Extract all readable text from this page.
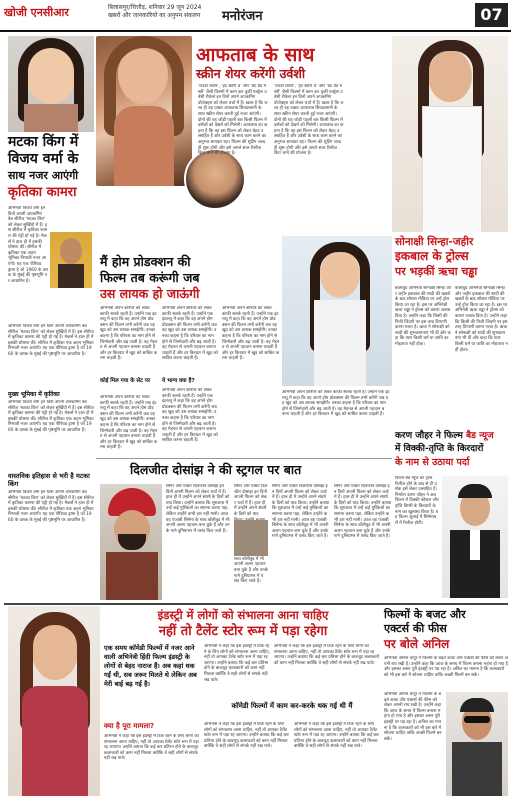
खोजी एनसीआर	बिलासपुर/चित्तौड़, शनिवार 29 जून 2024
खबरों और जानकारियों का अनुपम संकलन	मनोरंजन	07
आफताब के साथ
स्क्रीन शेयर करेंगी उर्वशी
'राउडी राठौर', 'हेट स्टोरी 4' और 'ग्रेट ग्रैंड मस्ती' जैसी फिल्मों में काम कर चुकीं एक्ट्रेस उर्वशी रौतेला इन दिनों अपने अपकमिंग प्रोजेक्ट्स को लेकर चर्चा में हैं। खबर है कि जल्द ही वह एक्टर आफताब शिवदासानी के साथ स्क्रीन शेयर करती हुई नजर आएंगी। दोनों की यह जोड़ी पहली बार किसी फिल्म में दर्शकों को देखने को मिलेगी। आफताब का कहना है कि वह इस फिल्म को लेकर बेहद उत्साहित हैं और उर्वशी के साथ काम करने का अनुभव शानदार रहा। फिल्म की शूटिंग जल्द ही शुरू होगी और इसे अगले साल रिलीज किए जाने की योजना है।
'राउडी राठौर', 'हेट स्टोरी 4' और 'ग्रेट ग्रैंड मस्ती' जैसी फिल्मों में काम कर चुकीं एक्ट्रेस उर्वशी रौतेला इन दिनों अपने अपकमिंग प्रोजेक्ट्स को लेकर चर्चा में हैं। खबर है कि जल्द ही वह एक्टर आफताब शिवदासानी के साथ स्क्रीन शेयर करती हुई नजर आएंगी। दोनों की यह जोड़ी पहली बार किसी फिल्म में दर्शकों को देखने को मिलेगी। आफताब का कहना है कि वह इस फिल्म को लेकर बेहद उत्साहित हैं और उर्वशी के साथ काम करने का अनुभव शानदार रहा। फिल्म की शूटिंग जल्द ही शुरू होगी और इसे अगले साल रिलीज किए जाने की योजना है।
मटका किंग में
विजय वर्मा के
साथ नजर आएंगी
कृतिका कामरा
अभिनेता विजय वर्मा इन दिनों अपनी अपकमिंग वेब सीरीज 'मटका किंग' को लेकर सुर्खियों में हैं। इस सीरीज में कृतिका कामरा की एंट्री हो गई है। मेकर्स ने हाल ही में इसकी घोषणा की। सीरीज में कृतिका एक अहम भूमिका निभाती नजर आएंगी। यह एक पीरियड ड्रामा है जो 1960 के दशक के मुंबई की पृष्ठभूमि पर आधारित है।
अभिनेता विजय वर्मा इन दिनों अपनी अपकमिंग वेब सीरीज 'मटका किंग' को लेकर सुर्खियों में हैं। इस सीरीज में कृतिका कामरा की एंट्री हो गई है। मेकर्स ने हाल ही में इसकी घोषणा की। सीरीज में कृतिका एक अहम भूमिका निभाती नजर आएंगी। यह एक पीरियड ड्रामा है जो 1960 के दशक के मुंबई की पृष्ठभूमि पर आधारित है।
मुख्य भूमिका में कृतिका
अभिनेता विजय वर्मा इन दिनों अपनी अपकमिंग वेब सीरीज 'मटका किंग' को लेकर सुर्खियों में हैं। इस सीरीज में कृतिका कामरा की एंट्री हो गई है। मेकर्स ने हाल ही में इसकी घोषणा की। सीरीज में कृतिका एक अहम भूमिका निभाती नजर आएंगी। यह एक पीरियड ड्रामा है जो 1960 के दशक के मुंबई की पृष्ठभूमि पर आधारित है।
वास्तविक इतिहास से भरी है मटका किंग
अभिनेता विजय वर्मा इन दिनों अपनी अपकमिंग वेब सीरीज 'मटका किंग' को लेकर सुर्खियों में हैं। इस सीरीज में कृतिका कामरा की एंट्री हो गई है। मेकर्स ने हाल ही में इसकी घोषणा की। सीरीज में कृतिका एक अहम भूमिका निभाती नजर आएंगी। यह एक पीरियड ड्रामा है जो 1960 के दशक के मुंबई की पृष्ठभूमि पर आधारित है।
सोनाक्षी सिन्हा-जहीर
इकबाल के ट्रोल्स
पर भड़कीं ऋचा चड्ढा
बॉलीवुड अभिनेत्री सोनाक्षी सिन्हा और जहीर इकबाल की शादी की खबरों के बाद सोशल मीडिया पर उन्हें ट्रोल किया जा रहा है। इस पर अभिनेत्री ऋचा चड्ढा ने ट्रोल्स को करारा जवाब दिया है। उन्होंने कहा कि किसी की निजी जिंदगी पर इस तरह टिप्पणी करना गलत है। ऋचा ने सोनाक्षी को शादी की शुभकामनाएं भी दीं और कहा कि प्यार किसी धर्म या जाति का मोहताज नहीं होता।
बॉलीवुड अभिनेत्री सोनाक्षी सिन्हा और जहीर इकबाल की शादी की खबरों के बाद सोशल मीडिया पर उन्हें ट्रोल किया जा रहा है। इस पर अभिनेत्री ऋचा चड्ढा ने ट्रोल्स को करारा जवाब दिया है। उन्होंने कहा कि किसी की निजी जिंदगी पर इस तरह टिप्पणी करना गलत है। ऋचा ने सोनाक्षी को शादी की शुभकामनाएं भी दीं और कहा कि प्यार किसी धर्म या जाति का मोहताज नहीं होता।
मैं होम प्रोडक्शन की
फिल्म तब करूंगी जब
उस लायक हो जाऊंगी
अभिनेत्री अपने करियर को लेकर काफी सतर्क रहती हैं। उन्होंने एक इंटरव्यू में कहा कि वह अपने होम प्रोडक्शन की फिल्म तभी करेंगी जब वह खुद को उस लायक समझेंगी। उनका कहना है कि परिवार का नाम होने से जिम्मेदारी और बढ़ जाती है। वह मेहनत से अपनी पहचान बनाना चाहती हैं और हर किरदार में खुद को साबित करना चाहती हैं।
कोई मिल गया के सेट पर
अभिनेत्री अपने करियर को लेकर काफी सतर्क रहती हैं। उन्होंने एक इंटरव्यू में कहा कि वह अपने होम प्रोडक्शन की फिल्म तभी करेंगी जब वह खुद को उस लायक समझेंगी। उनका कहना है कि परिवार का नाम होने से जिम्मेदारी और बढ़ जाती है। वह मेहनत से अपनी पहचान बनाना चाहती हैं और हर किरदार में खुद को साबित करना चाहती हैं।
अभिनेत्री अपने करियर को लेकर काफी सतर्क रहती हैं। उन्होंने एक इंटरव्यू में कहा कि वह अपने होम प्रोडक्शन की फिल्म तभी करेंगी जब वह खुद को उस लायक समझेंगी। उनका कहना है कि परिवार का नाम होने से जिम्मेदारी और बढ़ जाती है। वह मेहनत से अपनी पहचान बनाना चाहती हैं और हर किरदार में खुद को साबित करना चाहती हैं।
ये भाग्य क्या है?
अभिनेत्री अपने करियर को लेकर काफी सतर्क रहती हैं। उन्होंने एक इंटरव्यू में कहा कि वह अपने होम प्रोडक्शन की फिल्म तभी करेंगी जब वह खुद को उस लायक समझेंगी। उनका कहना है कि परिवार का नाम होने से जिम्मेदारी और बढ़ जाती है। वह मेहनत से अपनी पहचान बनाना चाहती हैं और हर किरदार में खुद को साबित करना चाहती हैं।
अभिनेत्री अपने करियर को लेकर काफी सतर्क रहती हैं। उन्होंने एक इंटरव्यू में कहा कि वह अपने होम प्रोडक्शन की फिल्म तभी करेंगी जब वह खुद को उस लायक समझेंगी। उनका कहना है कि परिवार का नाम होने से जिम्मेदारी और बढ़ जाती है। वह मेहनत से अपनी पहचान बनाना चाहती हैं और हर किरदार में खुद को साबित करना चाहती हैं।
अभिनेत्री अपने करियर को लेकर काफी सतर्क रहती हैं। उन्होंने एक इंटरव्यू में कहा कि वह अपने होम प्रोडक्शन की फिल्म तभी करेंगी जब वह खुद को उस लायक समझेंगी। उनका कहना है कि परिवार का नाम होने से जिम्मेदारी और बढ़ जाती है। वह मेहनत से अपनी पहचान बनाना चाहती हैं और हर किरदार में खुद को साबित करना चाहती हैं।
दिलजीत दोसांझ ने की स्ट्रगल पर बात
सिंगर और एक्टर दिलजीत दोसांझ इन दिनों अपनी फिल्म को लेकर चर्चा में हैं। हाल ही में उन्होंने अपने संघर्ष के दिनों को याद किया। उन्होंने बताया कि शुरुआत में उन्हें कई मुश्किलों का सामना करना पड़ा, लेकिन उन्होंने कभी हार नहीं मानी। आज वह पंजाबी सिनेमा के साथ बॉलीवुड में भी अपनी अलग पहचान बना चुके हैं और उनके गाने दुनियाभर में पसंद किए जाते हैं।
सिंगर और एक्टर दिलजीत दोसांझ इन दिनों अपनी फिल्म को लेकर चर्चा में हैं। हाल ही में उन्होंने अपने संघर्ष के दिनों को याद साथ बॉलीवुड में भी अपनी अलग पहचान बना चुके हैं और उनके गाने दुनियाभर में पसंद किए जाते हैं।
सिंगर और एक्टर दिलजीत दोसांझ इन दिनों अपनी फिल्म को लेकर चर्चा में हैं। हाल ही में उन्होंने अपने संघर्ष के दिनों को याद किया। उन्होंने बताया कि शुरुआत में उन्हें कई मुश्किलों का सामना करना पड़ा, लेकिन उन्होंने कभी हार नहीं मानी। आज वह पंजाबी सिनेमा के साथ बॉलीवुड में भी अपनी अलग पहचान बना चुके हैं और उनके गाने दुनियाभर में पसंद किए जाते हैं।
सिंगर और एक्टर दिलजीत दोसांझ इन दिनों अपनी फिल्म को लेकर चर्चा में हैं। हाल ही में उन्होंने अपने संघर्ष के दिनों को याद किया। उन्होंने बताया कि शुरुआत में उन्हें कई मुश्किलों का सामना करना पड़ा, लेकिन उन्होंने कभी हार नहीं मानी। आज वह पंजाबी सिनेमा के साथ बॉलीवुड में भी अपनी अलग पहचान बना चुके हैं और उनके गाने दुनियाभर में पसंद किए जाते हैं।
करण जौहर ने फिल्म बैड न्यूज
में विक्की-तृप्ति के किरदारों
के नाम से उठाया पर्दा
फिल्म बैड न्यूज का ट्रेलर रिलीज होने के बाद से ही दर्शक इसे लेकर उत्साहित हैं। निर्माता करण जौहर ने अब फिल्म में विक्की कौशल और तृप्ति डिमरी के किरदारों के नाम का खुलासा किया है। यह फिल्म जुलाई में सिनेमाघरों में रिलीज होगी।
इंडस्ट्री में लोगों को संभालना आना चाहिए
नहीं तो टैलेंट स्टोर रूम में पड़ा रहेगा
एक समय कॉमेडी फिल्मों में नजर आने वाली अभिनेत्री हिंदी फिल्म इंडस्ट्री के लोगों से बेहद नाराज हैं। अब कहां थक गईं थी, सब जरूर मिलते थे लेकिन अब मेरी बाई बढ़ गई है।
क्या है पूरा मामला?
अभिनेत्री ने कहा कि इस इंडस्ट्री में टिके रहने के लिए लोगों को संभालना आना चाहिए, नहीं तो आपका टैलेंट स्टोर रूम में पड़ा रह जाएगा। उन्होंने बताया कि कई बार प्रतिभा होने के बावजूद कलाकारों को काम नहीं मिलता क्योंकि वे सही लोगों से संपर्क नहीं रख पाते।
अभिनेत्री ने कहा कि इस इंडस्ट्री में टिके रहने के लिए लोगों को संभालना आना चाहिए, नहीं तो आपका टैलेंट स्टोर रूम में पड़ा रह जाएगा। उन्होंने बताया कि कई बार प्रतिभा होने के बावजूद कलाकारों को काम नहीं मिलता क्योंकि वे सही लोगों से संपर्क नहीं रख पाते।
कॉमेडी फिल्मों में काम कर-करके थक गई थी मैं
अभिनेत्री ने कहा कि इस इंडस्ट्री में टिके रहने के लिए लोगों को संभालना आना चाहिए, नहीं तो आपका टैलेंट स्टोर रूम में पड़ा रह जाएगा। उन्होंने बताया कि कई बार प्रतिभा होने के बावजूद कलाकारों को काम नहीं मिलता क्योंकि वे सही लोगों से संपर्क नहीं रख पाते।
अभिनेत्री ने कहा कि इस इंडस्ट्री में टिके रहने के लिए लोगों को संभालना आना चाहिए, नहीं तो आपका टैलेंट स्टोर रूम में पड़ा रह जाएगा। उन्होंने बताया कि कई बार प्रतिभा होने के बावजूद कलाकारों को काम नहीं मिलता क्योंकि वे सही लोगों से संपर्क नहीं रख पाते।
अभिनेत्री ने कहा कि इस इंडस्ट्री में टिके रहने के लिए लोगों को संभालना आना चाहिए, नहीं तो आपका टैलेंट स्टोर रूम में पड़ा रह जाएगा। उन्होंने बताया कि कई बार प्रतिभा होने के बावजूद कलाकारों को काम नहीं मिलता क्योंकि वे सही लोगों से संपर्क नहीं रख पाते।
फिल्मों के बजट और
एक्टर्स की फीस
पर बोले अनिल
अभिनेता अनिल कपूर ने फिल्मों के बढ़ते बजट और एक्टर्स की फीस को लेकर अपनी राय रखी है। उन्होंने कहा कि आज के समय में फिल्म बनाना महंगा हो गया है और इसका असर पूरी इंडस्ट्री पर पड़ रहा है। अनिल का मानना है कि कलाकारों को भी इस बारे में सोचना चाहिए ताकि अच्छी फिल्में बन सकें।
अभिनेता अनिल कपूर ने फिल्मों के बढ़ते बजट और एक्टर्स की फीस को लेकर अपनी राय रखी है। उन्होंने कहा कि आज के समय में फिल्म बनाना महंगा हो गया है और इसका असर पूरी इंडस्ट्री पर पड़ रहा है। अनिल का मानना है कि कलाकारों को भी इस बारे में सोचना चाहिए ताकि अच्छी फिल्में बन सकें।
